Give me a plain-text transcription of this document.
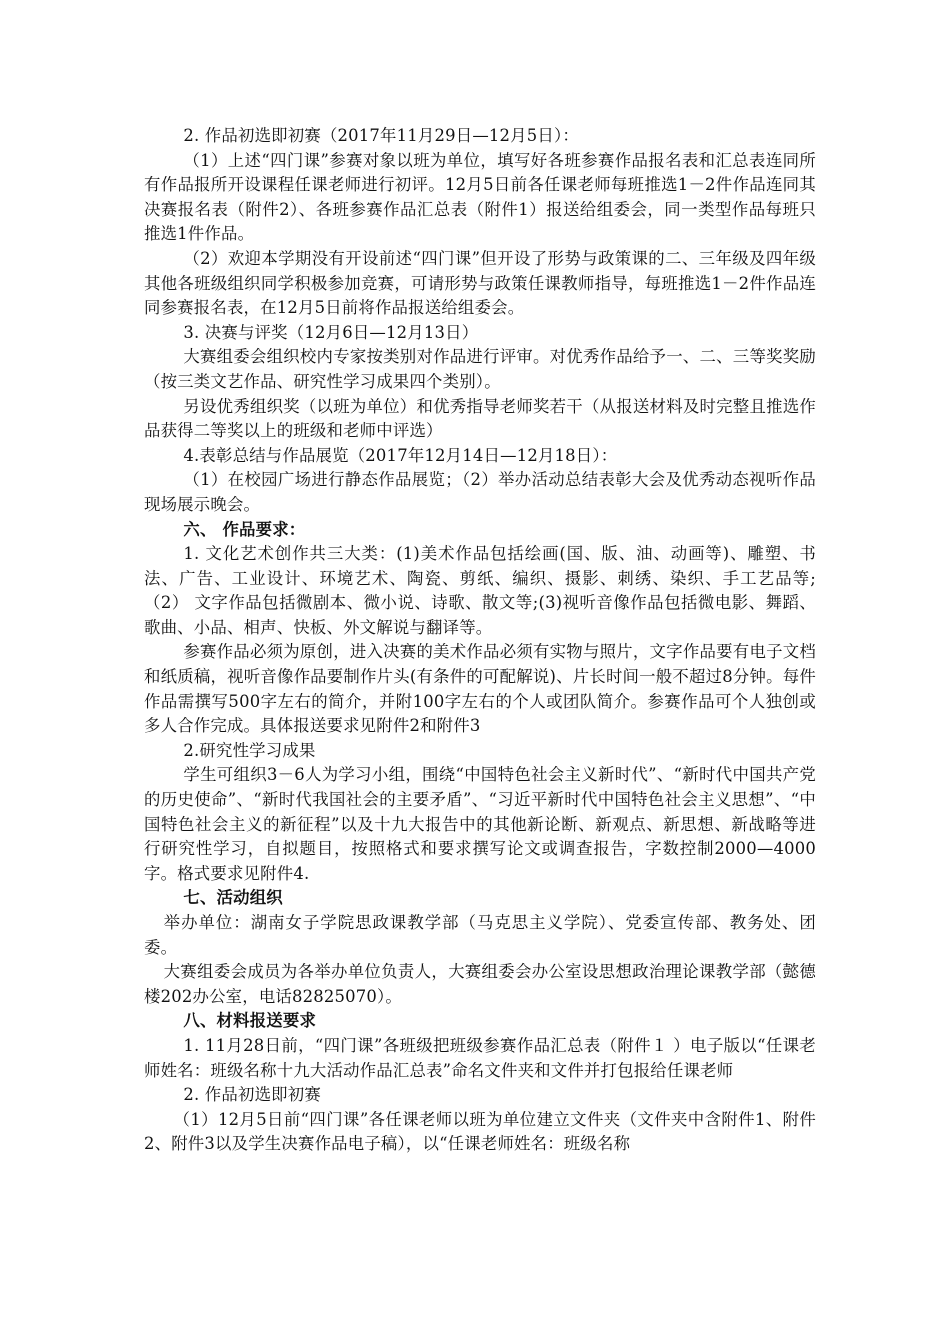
2. 作品初选即初赛（2017年11月29日—12月5日）：

（1）上述“四门课”参赛对象以班为单位，填写好各班参赛作品报名表和汇总表连同所有作品报所开设课程任课老师进行初评。12月5日前各任课老师每班推选1－2件作品连同其决赛报名表（附件2）、各班参赛作品汇总表（附件1）报送给组委会，同一类型作品每班只推选1件作品。

（2）欢迎本学期没有开设前述“四门课”但开设了形势与政策课的二、三年级及四年级其他各班级组织同学积极参加竞赛，可请形势与政策任课教师指导，每班推选1－2件作品连同参赛报名表，在12月5日前将作品报送给组委会。

3. 决赛与评奖（12月6日—12月13日）

大赛组委会组织校内专家按类别对作品进行评审。对优秀作品给予一、二、三等奖奖励（按三类文艺作品、研究性学习成果四个类别）。

另设优秀组织奖（以班为单位）和优秀指导老师奖若干（从报送材料及时完整且推选作品获得二等奖以上的班级和老师中评选）

4.表彰总结与作品展览（2017年12月14日—12月18日）：

（1）在校园广场进行静态作品展览；（2）举办活动总结表彰大会及优秀动态视听作品现场展示晚会。

六、 作品要求：

1. 文化艺术创作共三大类：(1)美术作品包括绘画(国、版、油、动画等)、雕塑、书法、广告、工业设计、环境艺术、陶瓷、剪纸、编织、摄影、刺绣、染织、手工艺品等;（2） 文字作品包括微剧本、微小说、诗歌、散文等;(3)视听音像作品包括微电影、舞蹈、歌曲、小品、相声、快板、外文解说与翻译等。

参赛作品必须为原创，进入决赛的美术作品必须有实物与照片，文字作品要有电子文档和纸质稿，视听音像作品要制作片头(有条件的可配解说)、片长时间一般不超过8分钟。每件作品需撰写500字左右的简介，并附100字左右的个人或团队简介。参赛作品可个人独创或多人合作完成。具体报送要求见附件2和附件3

2.研究性学习成果

学生可组织3－6人为学习小组，围绕“中国特色社会主义新时代”、“新时代中国共产党的历史使命”、“新时代我国社会的主要矛盾”、“习近平新时代中国特色社会主义思想”、“中国特色社会主义的新征程”以及十九大报告中的其他新论断、新观点、新思想、新战略等进行研究性学习，自拟题目，按照格式和要求撰写论文或调查报告，字数控制2000—4000字。格式要求见附件4.

七、活动组织

举办单位：湖南女子学院思政课教学部（马克思主义学院）、党委宣传部、教务处、团委。

大赛组委会成员为各举办单位负责人，大赛组委会办公室设思想政治理论课教学部（懿德楼202办公室，电话82825070）。

八、材料报送要求

1. 11月28日前，“四门课”各班级把班级参赛作品汇总表（附件１ ）电子版以“任课老师姓名：班级名称十九大活动作品汇总表”命名文件夹和文件并打包报给任课老师

2. 作品初选即初赛

（1）12月5日前“四门课”各任课老师以班为单位建立文件夹（文件夹中含附件1、附件2、附件3以及学生决赛作品电子稿），以“任课老师姓名：班级名称
